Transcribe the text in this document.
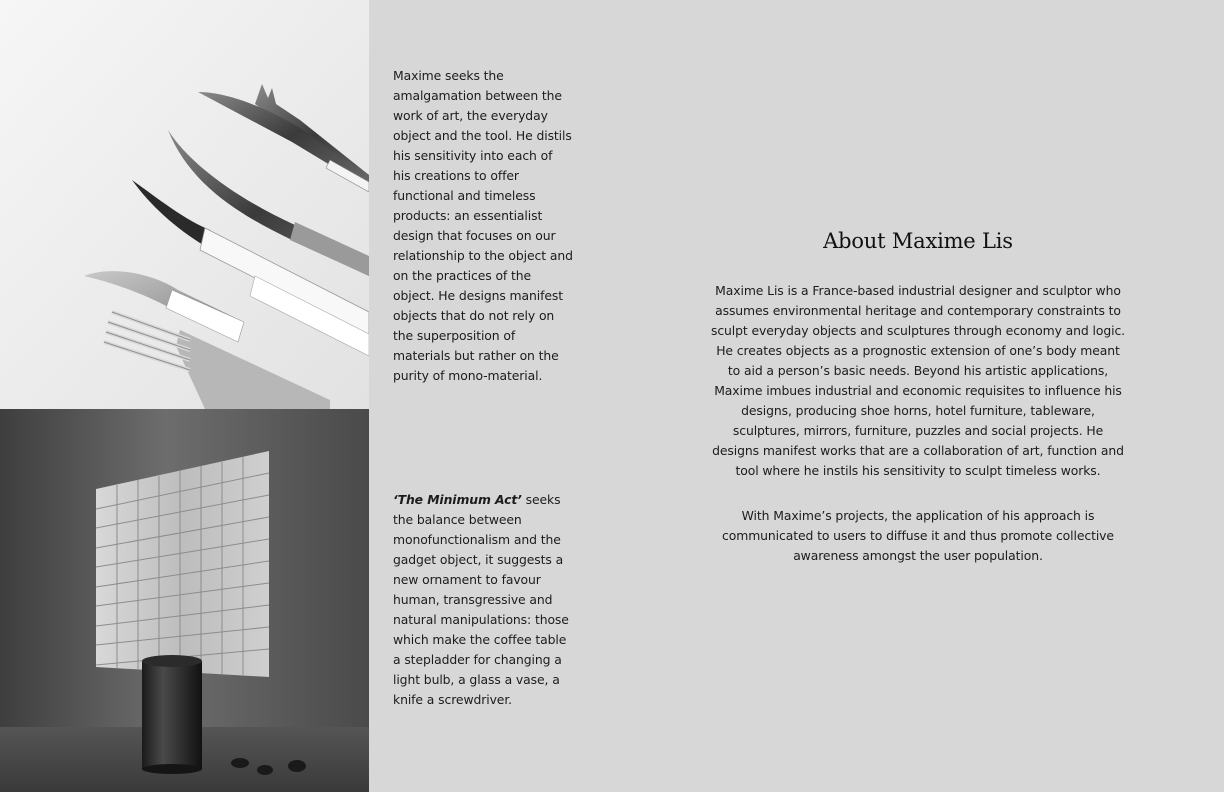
Maxime seeks the amalgamation between the work of art, the everyday object and the tool. He distils his sensitivity into each of his creations to offer functional and timeless products: an essentialist design that focuses on our relationship to the object and on the practices of the object. He designs manifest objects that do not rely on the superposition of materials but rather on the purity of mono-material.
‘The Minimum Act’ seeks the balance between monofunctionalism and the gadget object, it suggests a new ornament to favour human, transgressive and natural manipulations: those which make the coffee table a stepladder for changing a light bulb, a glass a vase, a knife a screwdriver.
About Maxime Lis

Maxime Lis is a France-based industrial designer and sculptor who assumes environmental heritage and contemporary constraints to sculpt everyday objects and sculptures through economy and logic. He creates objects as a prognostic extension of one’s body meant to aid a person’s basic needs. Beyond his artistic applications, Maxime imbues industrial and economic requisites to influence his designs, producing shoe horns, hotel furniture, tableware, sculptures, mirrors, furniture, puzzles and social projects. He designs manifest works that are a collaboration of art, function and tool where he instils his sensitivity to sculpt timeless works.

With Maxime’s projects, the application of his approach is communicated to users to diffuse it and thus promote collective awareness amongst the user population.
